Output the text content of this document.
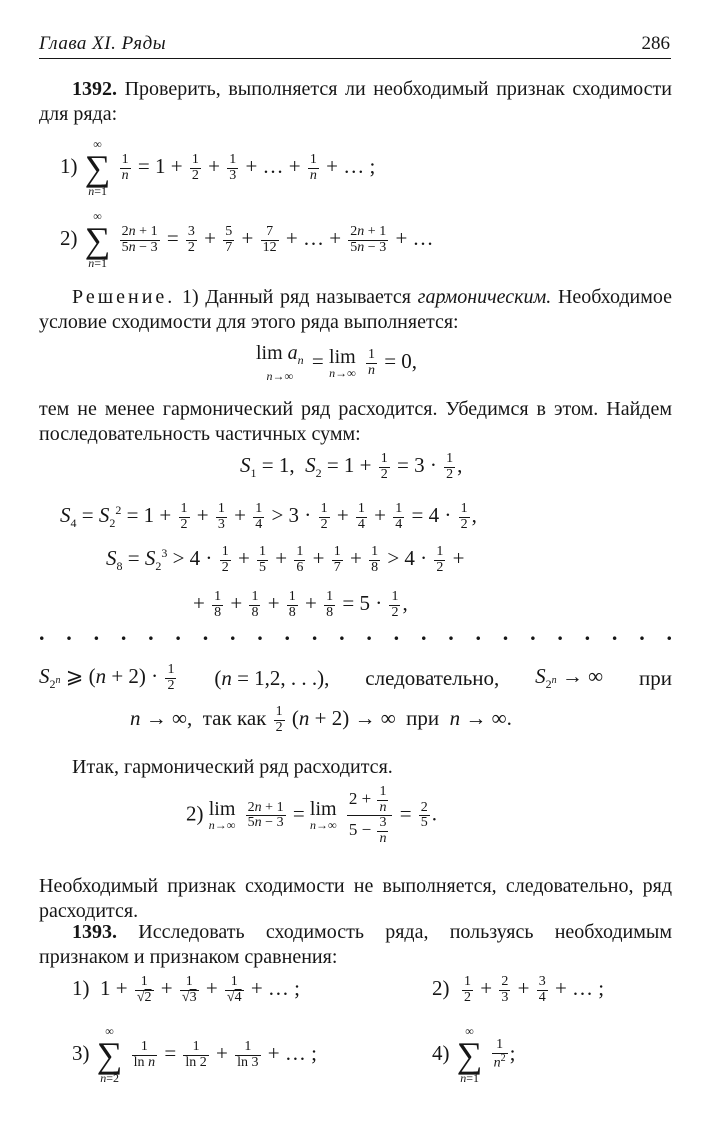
Глава XI. Ряды	286
1392. Проверить, выполняется ли необходимый признак сходимости для ряда:
1)
∞
∑
n=1

$\frac{1}{n} = 1 + \frac{1}{2} + \frac{1}{3}$ + … + $\frac{1}{n}$ + … ;
2)
∞
∑
n=1

$\frac{2n + 1}{5n - 3} = \frac{3}{2} + \frac{5}{7} + \frac{7}{12}$ + … + $\frac{2n + 1}{5n - 3}$ + …
Решение. 1) Данный ряд называется гармоническим. Необходимое условие сходимости для этого ряда выполняется:
$\lim a_n$
n→∞
= lim
n→∞
$\frac{1}{n} = 0$,
тем не менее гармонический ряд расходится. Убедимся в этом. Найдем последовательность частичных сумм:
$S_1 = 1$,  $S_2 = 1 + \frac{1}{2} = 3 \cdot \frac{1}{2}$ ,
$S_4 = S_2^2 = 1 + \frac{1}{2} + \frac{1}{3} + \frac{1}{4} > 3 \cdot \frac{1}{2} + \frac{1}{4} + \frac{1}{4} = 4 \cdot \frac{1}{2}$ ,
$S_8 = S_2^3 > 4 \cdot \frac{1}{2} + \frac{1}{5} + \frac{1}{6} + \frac{1}{7} + \frac{1}{8} > 4 \cdot \frac{1}{2}$ +
+ $\frac{1}{8} + \frac{1}{8} + \frac{1}{8} + \frac{1}{8} = 5 \cdot \frac{1}{2}$ ,
. . . . . . . . . . . . . . . . . . . . . . . .
$S_{2^n}$ ⩾ $(n + 2) \cdot \frac{1}{2} (n = 1,2$, . . .), следовательно, $S_{2^n}$ → ∞ при
n → ∞,  так как $\frac{1}{2} (n + 2)$ → ∞  при n → ∞.
Итак, гармонический ряд расходится.
2) lim
n→∞
$\frac{2n + 1}{5n - 3} = \lim$
n→∞
$\frac{2 + \frac{1}{n}}{5 - \frac{3}{n}} = \frac{2}{5}$ .
Необходимый признак сходимости не выполняется, следовательно, ряд расходится.
1393. Исследовать сходимость ряда, пользуясь необходимым признаком и признаком сравнения:
1)  $1 + \frac{1}{√2} + \frac{1}{√3} + \frac{1}{√4}$ + … ;	$2) \frac{1}{2} + \frac{2}{3} + \frac{3}{4}$ + … ;
3)
∞
∑
n=2

$\frac{1}{\text{ln n}} = \frac{1}{\ln 2} + \frac{1}{\ln 3}$ + … ;	4)
∞
∑
n=1

$\frac{1}{n^2}$ ;
